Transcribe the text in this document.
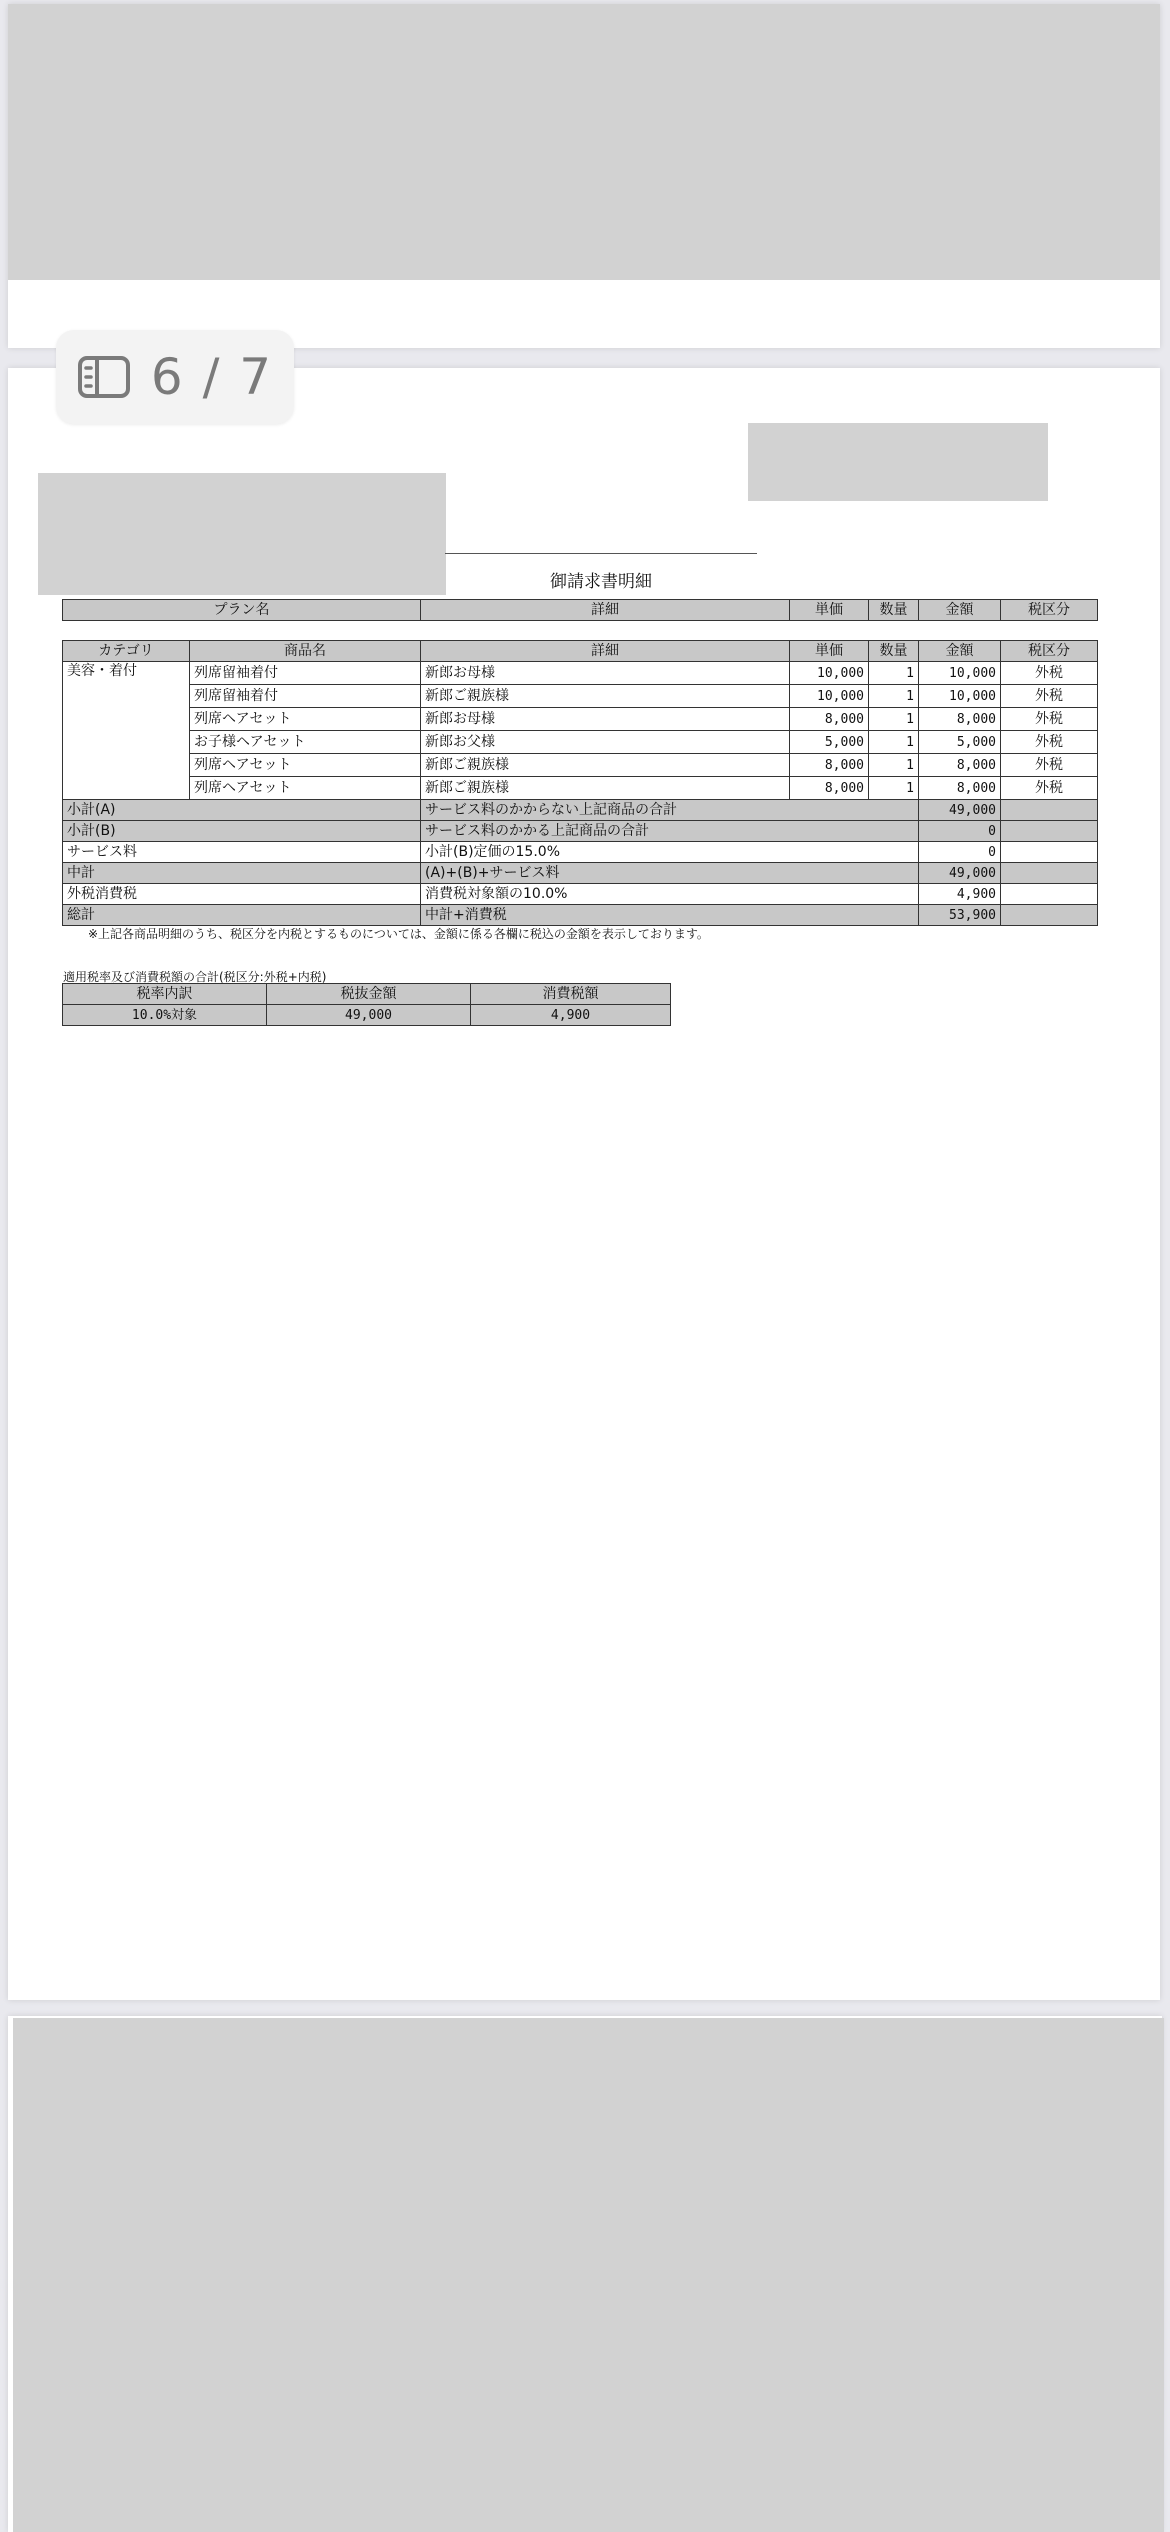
6 / 7
御請求書明細
プラン名	詳細	単価	数量	金額	税区分
カテゴリ	商品名	詳細	単価	数量	金額	税区分
美容・着付	列席留袖着付	新郎お母様	10,000	1	10,000	外税
	列席留袖着付	新郎ご親族様	10,000	1	10,000	外税
	列席ヘアセット	新郎お母様	8,000	1	8,000	外税
	お子様ヘアセット	新郎お父様	5,000	1	5,000	外税
	列席ヘアセット	新郎ご親族様	8,000	1	8,000	外税
	列席ヘアセット	新郎ご親族様	8,000	1	8,000	外税
小計(A)		サービス料のかからない上記商品の合計			49,000	
小計(B)		サービス料のかかる上記商品の合計			0	
サービス料		小計(B)定価の15.0%			0	
中計		(A)+(B)+サービス料			49,000	
外税消費税		消費税対象額の10.0%			4,900	
総計		中計+消費税			53,900	
※上記各商品明細のうち、税区分を内税とするものについては、金額に係る各欄に税込の金額を表示しております。
適用税率及び消費税額の合計(税区分:外税+内税)
税率内訳	税抜金額	消費税額
10.0%対象	49,000	4,900
